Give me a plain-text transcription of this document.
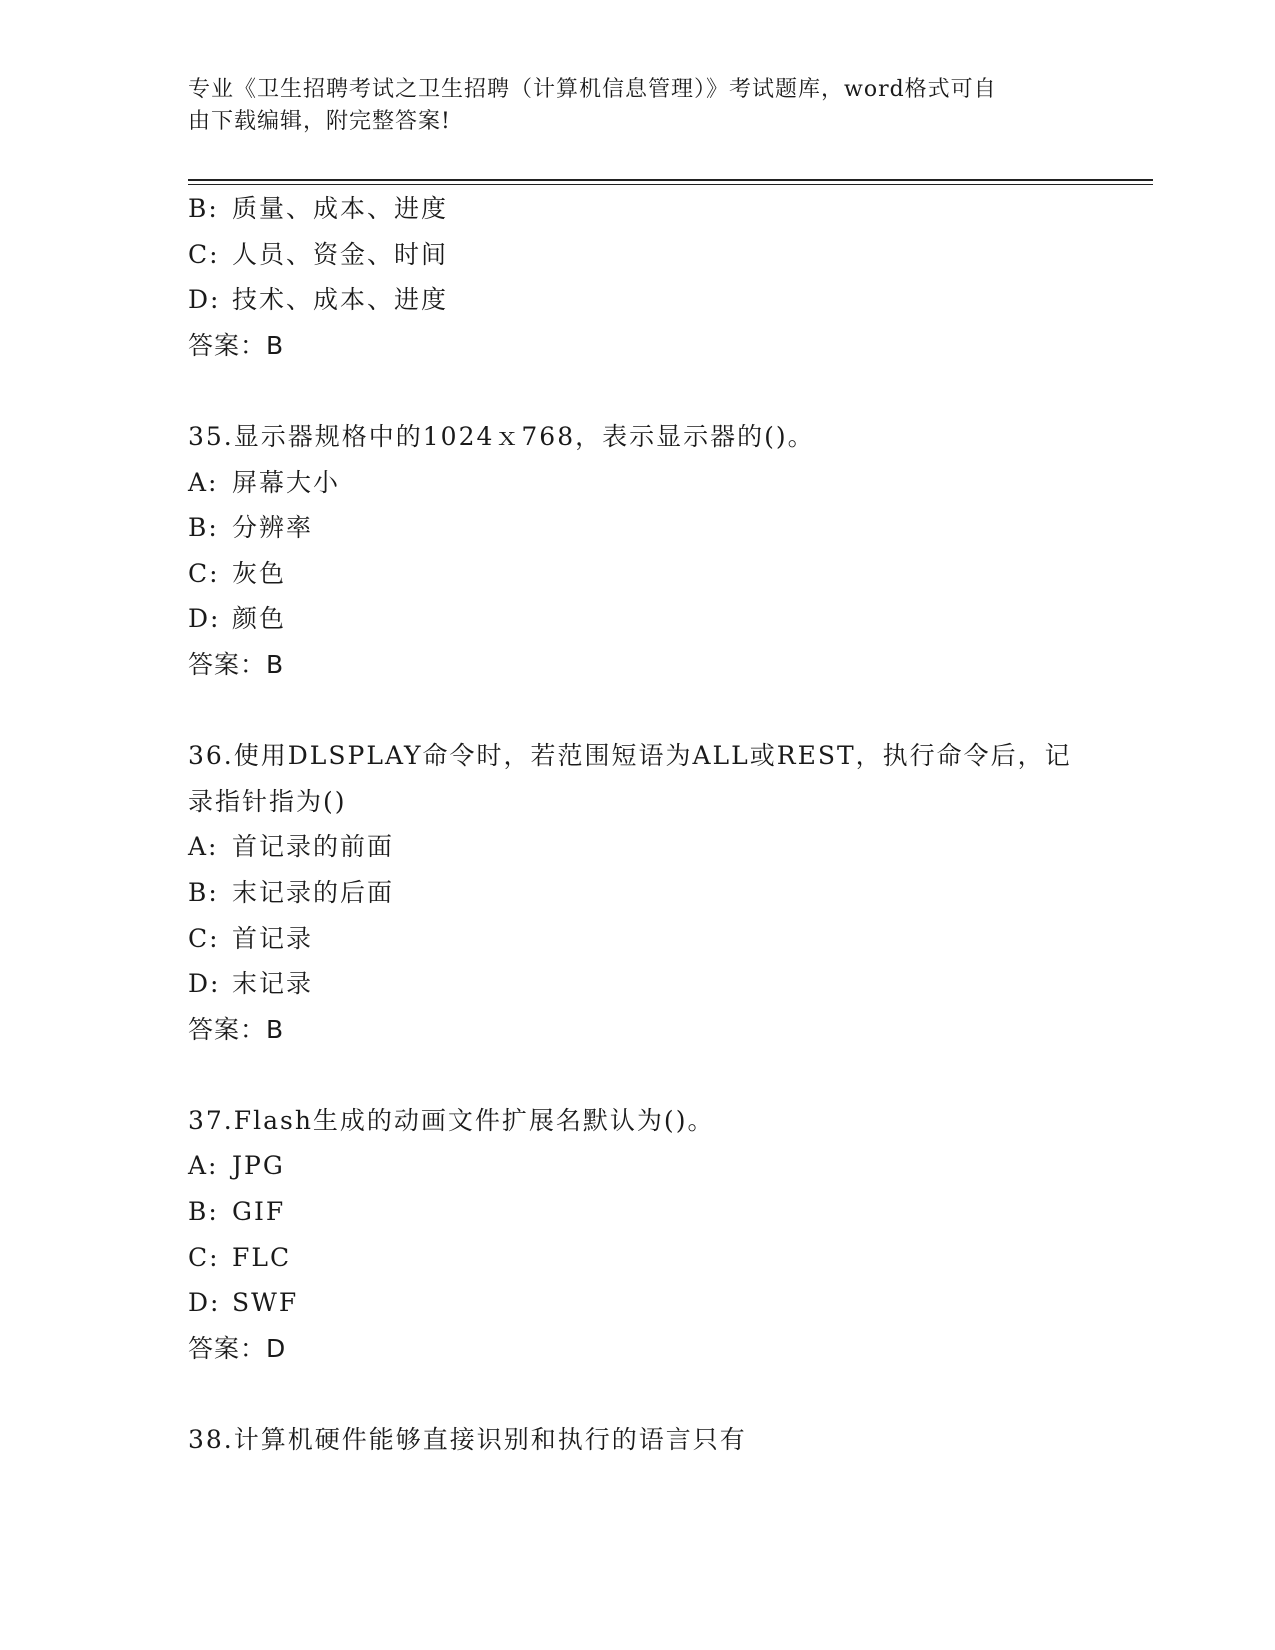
专业《卫生招聘考试之卫生招聘（计算机信息管理）》考试题库，word格式可自
由下载编辑，附完整答案!
B: 质量、成本、进度
C: 人员、资金、时间
D: 技术、成本、进度
答案：B
35.显示器规格中的1024ｘ768，表示显示器的()。
A: 屏幕大小
B: 分辨率
C: 灰色
D: 颜色
答案：B
36.使用DLSPLAY命令时，若范围短语为ALL或REST，执行命令后，记
录指针指为()
A: 首记录的前面
B: 末记录的后面
C: 首记录
D: 末记录
答案：B
37.Flash生成的动画文件扩展名默认为()。
A: JPG
B: GIF
C: FLC
D: SWF
答案：D
38.计算机硬件能够直接识别和执行的语言只有
